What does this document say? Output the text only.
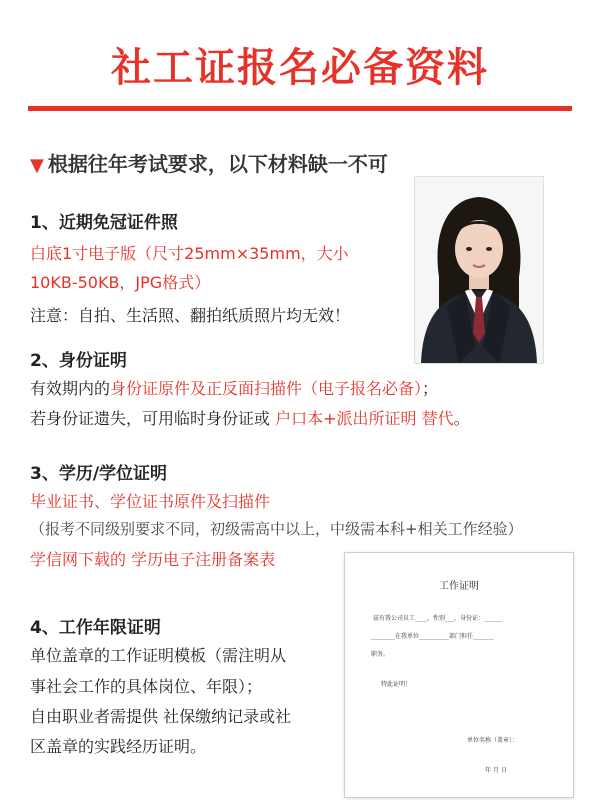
社工证报名必备资料
▼ 根据往年考试要求，以下材料缺一不可
1、近期免冠证件照
白底1寸电子版（尺寸25mm×35mm，大小
10KB-50KB，JPG格式）
注意：自拍、生活照、翻拍纸质照片均无效！
2、身份证明
有效期内的身份证原件及正反面扫描件（电子报名必备）；
若身份证遗失，可用临时身份证或 户口本+派出所证明 替代。
3、学历/学位证明
毕业证书、学位证书原件及扫描件
（报考不同级别要求不同，初级需高中以上，中级需本科+相关工作经验）
学信网下载的 学历电子注册备案表
4、工作年限证明
单位盖章的工作证明模板（需注明从
事社会工作的具体岗位、年限）；
自由职业者需提供 社保缴纳记录或社
区盖章的实践经历证明。
工作证明
兹有我公司员工____，性别___，身份证：______
________在我单位__________部门担任_______
职务。
特此证明！
单位名称（盖章）：
年 月 日
